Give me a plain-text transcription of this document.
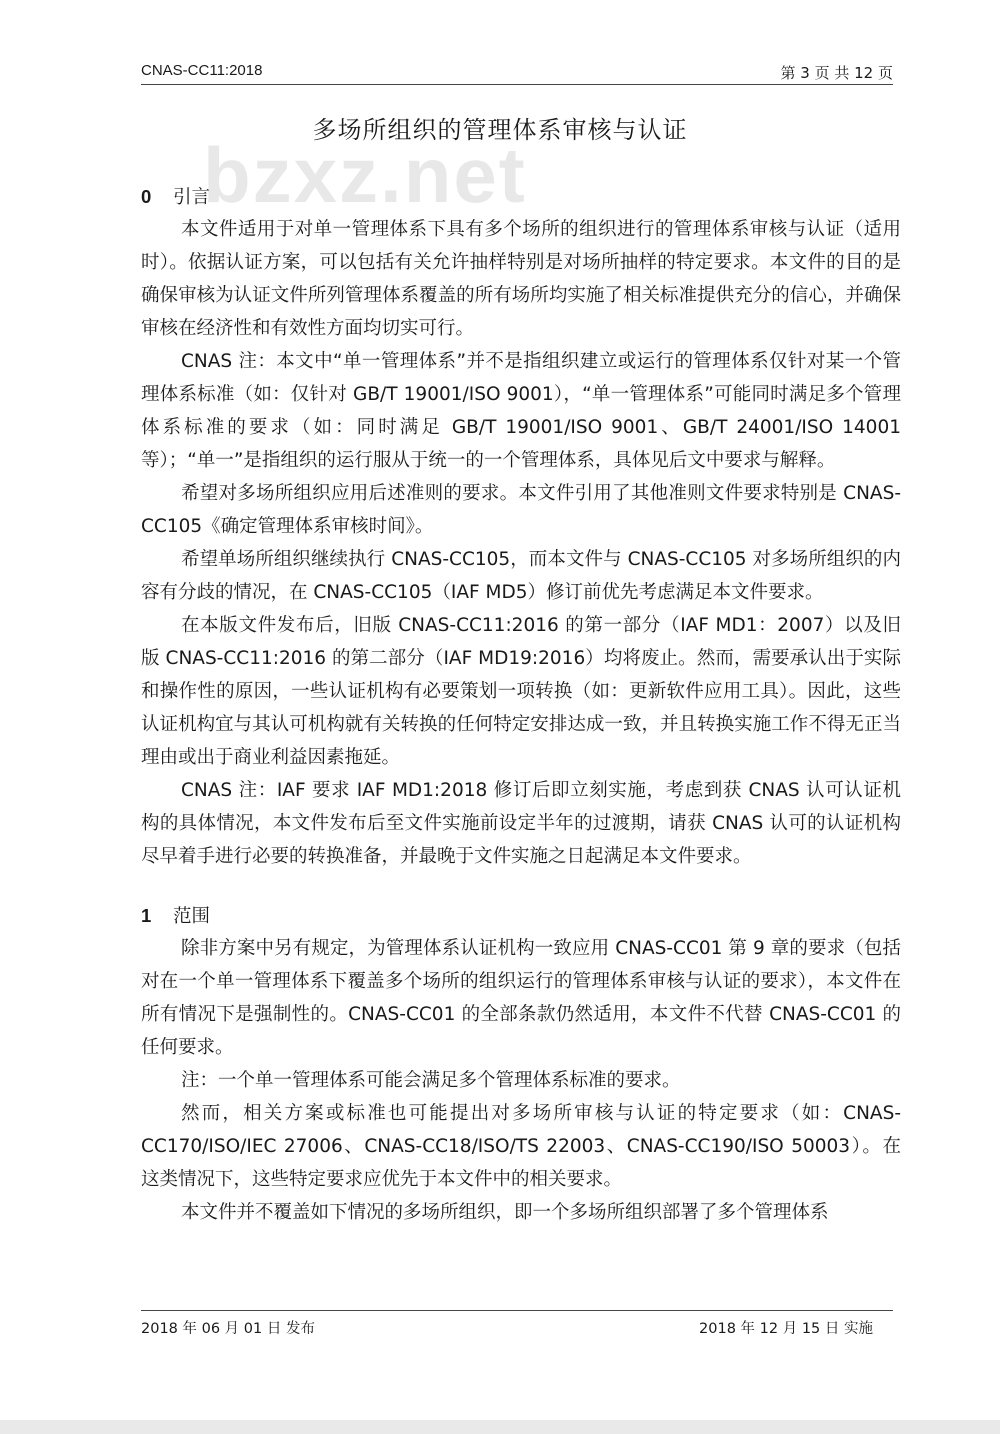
CNAS-CC11:2018	第 3 页 共 12 页
多场所组织的管理体系审核与认证
bzxz.net
0 引言

本文件适用于对单一管理体系下具有多个场所的组织进行的管理体系审核与认证（适用时）。依据认证方案，可以包括有关允许抽样特别是对场所抽样的特定要求。本文件的目的是确保审核为认证文件所列管理体系覆盖的所有场所均实施了相关标准提供充分的信心，并确保审核在经济性和有效性方面均切实可行。

CNAS 注：本文中“单一管理体系”并不是指组织建立或运行的管理体系仅针对某一个管理体系标准（如：仅针对 GB/T 19001/ISO 9001），“单一管理体系”可能同时满足多个管理体系标准的要求（如：同时满足 GB/T 19001/ISO 9001、GB/T 24001/ISO 14001 等）；“单一”是指组织的运行服从于统一的一个管理体系，具体见后文中要求与解释。

希望对多场所组织应用后述准则的要求。本文件引用了其他准则文件要求特别是 CNAS-CC105《确定管理体系审核时间》。

希望单场所组织继续执行 CNAS-CC105，而本文件与 CNAS-CC105 对多场所组织的内容有分歧的情况，在 CNAS-CC105（IAF MD5）修订前优先考虑满足本文件要求。

在本版文件发布后，旧版 CNAS-CC11:2016 的第一部分（IAF MD1：2007）以及旧版 CNAS-CC11:2016 的第二部分（IAF MD19:2016）均将废止。然而，需要承认出于实际和操作性的原因，一些认证机构有必要策划一项转换（如：更新软件应用工具）。因此，这些认证机构宜与其认可机构就有关转换的任何特定安排达成一致，并且转换实施工作不得无正当理由或出于商业利益因素拖延。

CNAS 注：IAF 要求 IAF MD1:2018 修订后即立刻实施，考虑到获 CNAS 认可认证机构的具体情况，本文件发布后至文件实施前设定半年的过渡期，请获 CNAS 认可的认证机构尽早着手进行必要的转换准备，并最晚于文件实施之日起满足本文件要求。

1 范围

除非方案中另有规定，为管理体系认证机构一致应用 CNAS-CC01 第 9 章的要求（包括对在一个单一管理体系下覆盖多个场所的组织运行的管理体系审核与认证的要求），本文件在所有情况下是强制性的。CNAS-CC01 的全部条款仍然适用，本文件不代替 CNAS-CC01 的任何要求。

注：一个单一管理体系可能会满足多个管理体系标准的要求。

然而，相关方案或标准也可能提出对多场所审核与认证的特定要求（如：CNAS-CC170/ISO/IEC 27006、CNAS-CC18/ISO/TS 22003、CNAS-CC190/ISO 50003）。在这类情况下，这些特定要求应优先于本文件中的相关要求。

本文件并不覆盖如下情况的多场所组织，即一个多场所组织部署了多个管理体系

2018 年 06 月 01 日 发布	2018 年 12 月 15 日 实施
